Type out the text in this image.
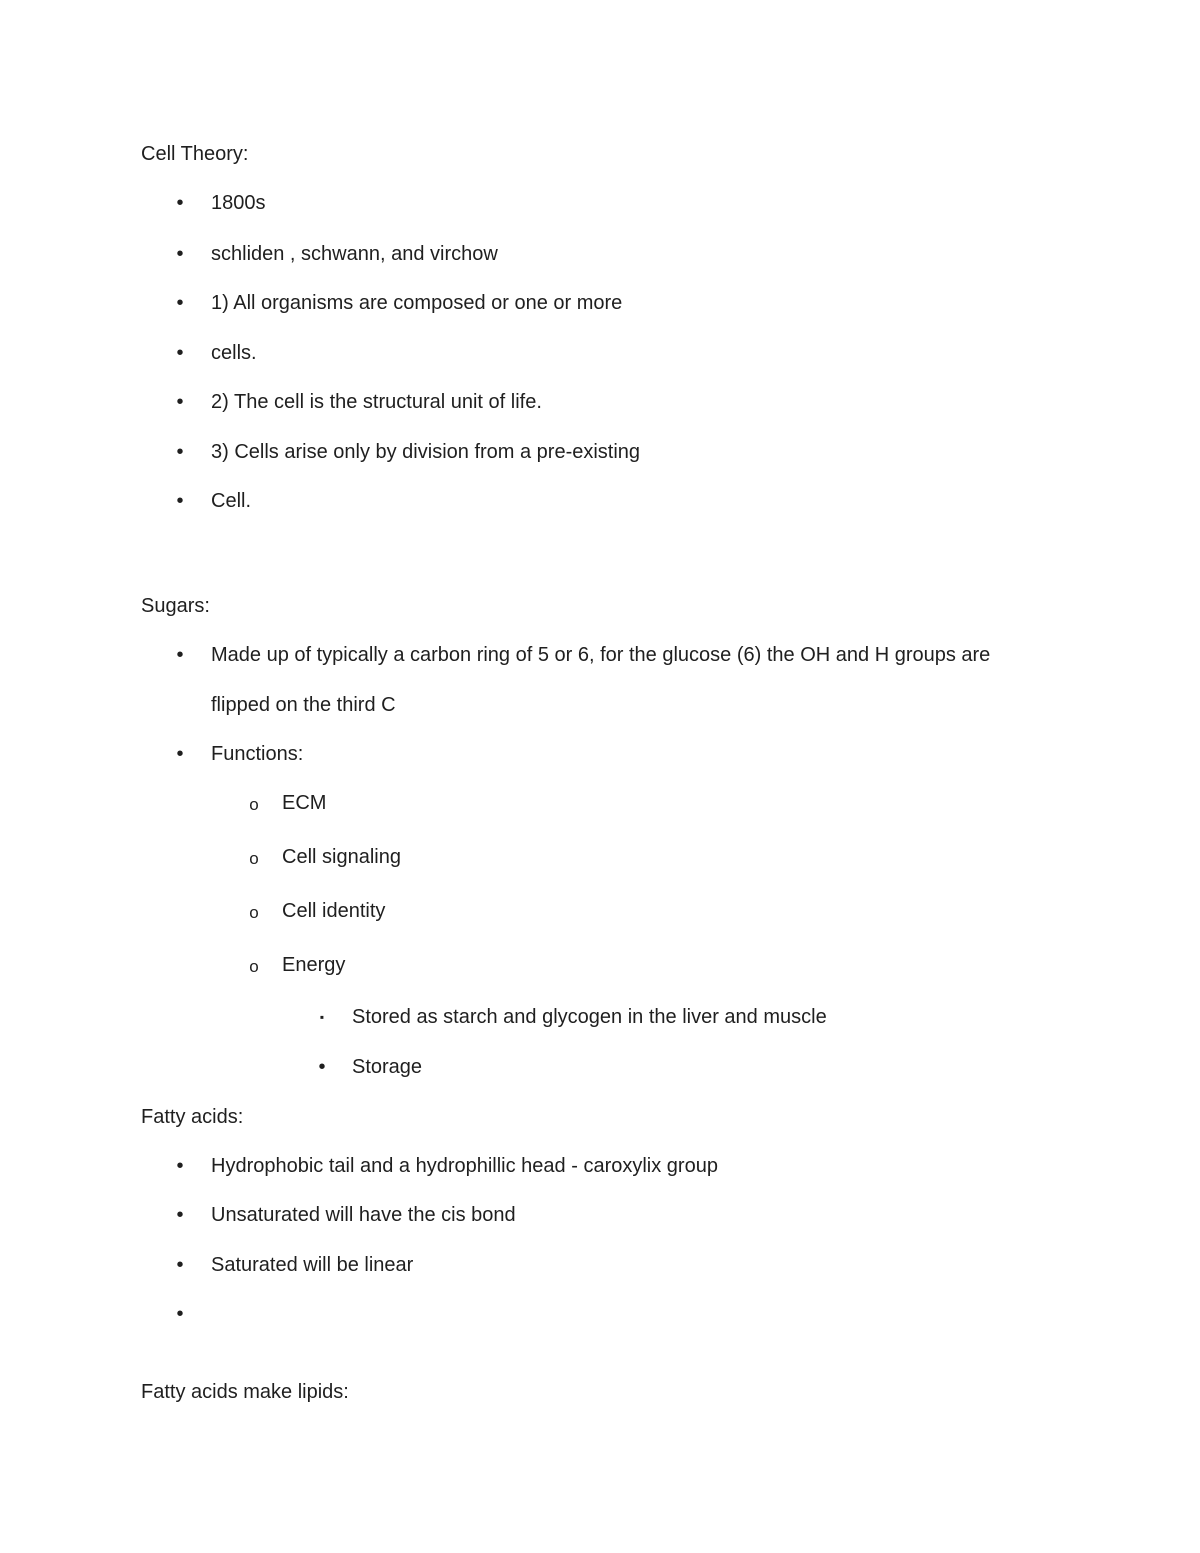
Cell Theory:
• 1800s
• schliden , schwann, and virchow
• 1) All organisms are composed or one or more
• cells.
• 2) The cell is the structural unit of life.
• 3) Cells arise only by division from a pre-existing
• Cell.
Sugars:
• Made up of typically a carbon ring of 5 or 6, for the glucose (6) the OH and H groups are
flipped on the third C
• Functions:
o ECM
o Cell signaling
o Cell identity
o Energy
▪ Stored as starch and glycogen in the liver and muscle
• Storage
Fatty acids:
• Hydrophobic tail and a hydrophillic head - caroxylix group
• Unsaturated will have the cis bond
• Saturated will be linear
•
Fatty acids make lipids:
